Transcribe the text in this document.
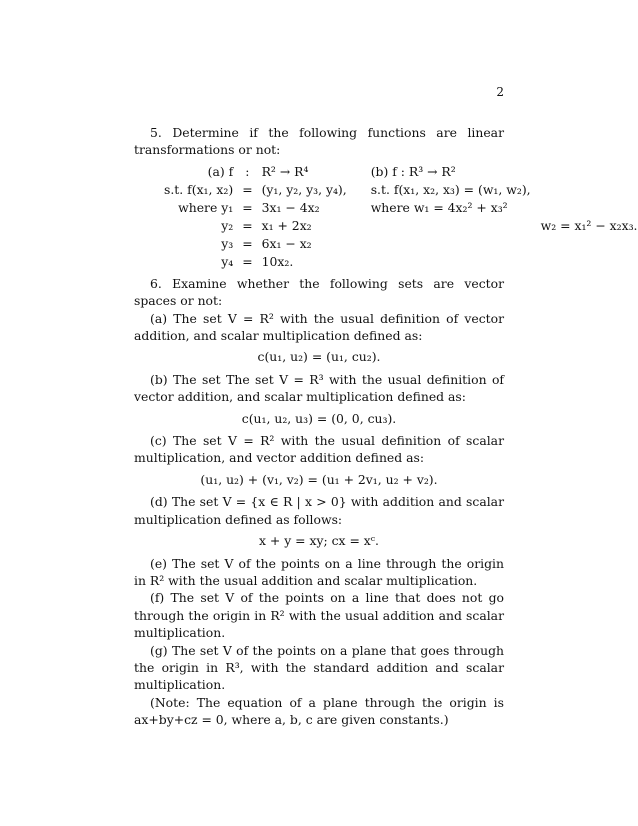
2

5. Determine if the following functions are linear transformations or not:

(a) f	:	R² → R⁴	(b) f : R³ → R²	
s.t. f(x₁, x₂)	=	(y₁, y₂, y₃, y₄),	s.t. f(x₁, x₂, x₃) = (w₁, w₂),	
where y₁	=	3x₁ − 4x₂	where w₁ = 4x₂² + x₃²	
y₂	=	x₁ + 2x₂		w₂ = x₁² − x₂x₃.
y₃	=	6x₁ − x₂		
y₄	=	10x₂.		

6. Examine whether the following sets are vector spaces or not:

(a) The set V = R² with the usual definition of vector addition, and scalar multiplication defined as:

c(u₁, u₂) = (u₁, cu₂).

(b) The set The set V = R³ with the usual definition of vector addition, and scalar multiplication defined as:

c(u₁, u₂, u₃) = (0, 0, cu₃).

(c) The set V = R² with the usual definition of scalar multiplication, and vector addition defined as:

(u₁, u₂) + (v₁, v₂) = (u₁ + 2v₁, u₂ + v₂).

(d) The set V = {x ∈ R | x > 0} with addition and scalar multiplication defined as follows:

x + y = xy; cx = xᶜ.

(e) The set V of the points on a line through the origin in R² with the usual addition and scalar multiplication.

(f) The set V of the points on a line that does not go through the origin in R² with the usual addition and scalar multiplication.

(g) The set V of the points on a plane that goes through the origin in R³, with the standard addition and scalar multiplication.

(Note: The equation of a plane through the origin is ax+by+cz = 0, where a, b, c are given constants.)
